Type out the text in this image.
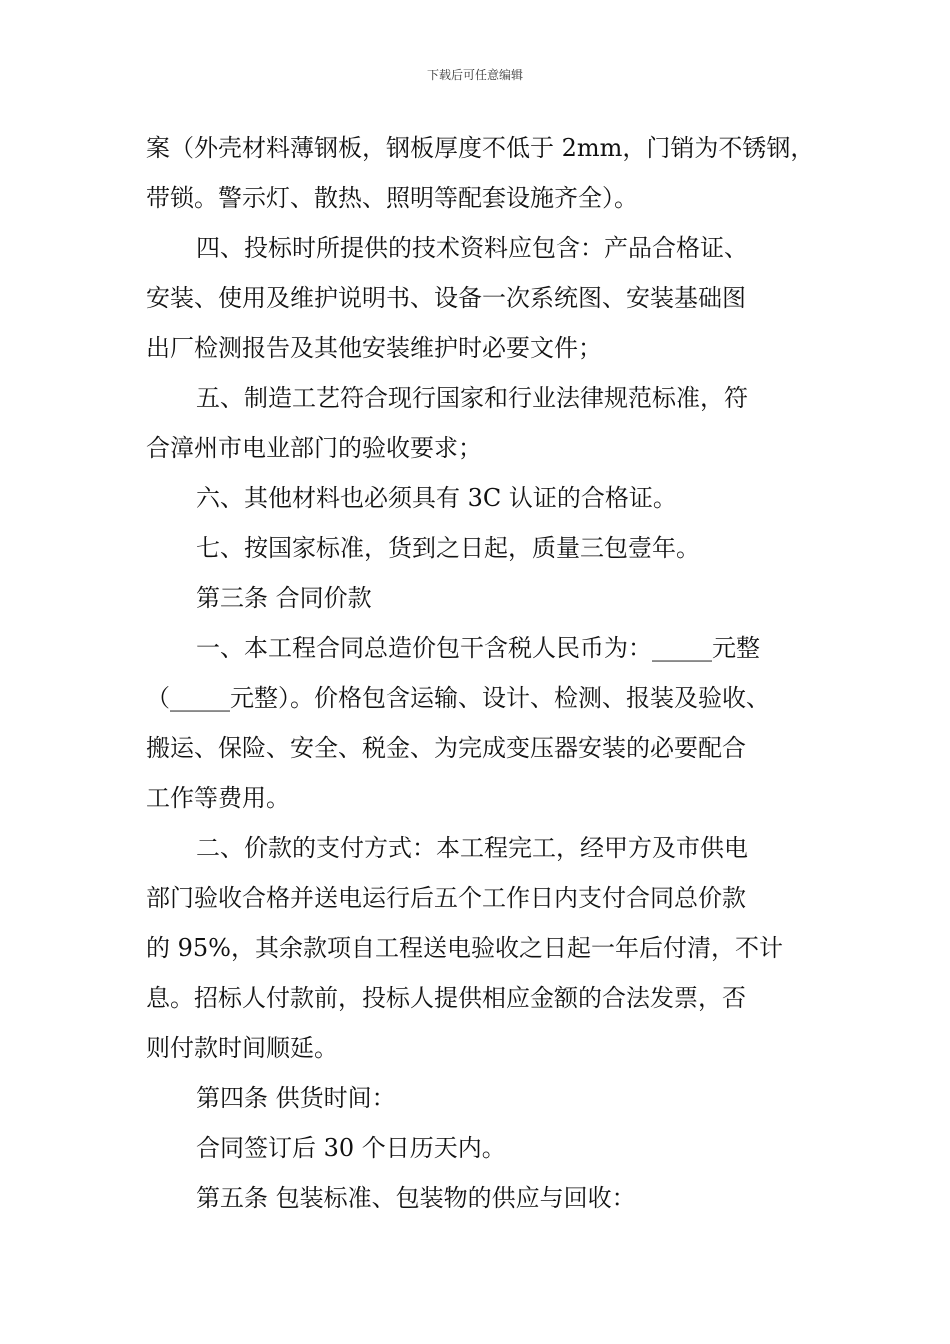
下载后可任意编辑
案（外壳材料薄钢板，钢板厚度不低于 2mm，门销为不锈钢，
带锁。警示灯、散热、照明等配套设施齐全）。
四、投标时所提供的技术资料应包含：产品合格证、
安装、使用及维护说明书、设备一次系统图、安装基础图
出厂检测报告及其他安装维护时必要文件；
五、制造工艺符合现行国家和行业法律规范标准，符
合漳州市电业部门的验收要求；
六、其他材料也必须具有 3C 认证的合格证。
七、按国家标准，货到之日起，质量三包壹年。
第三条 合同价款
一、本工程合同总造价包干含税人民币为：_____元整
（_____元整）。价格包含运输、设计、检测、报装及验收、
搬运、保险、安全、税金、为完成变压器安装的必要配合
工作等费用。
二、价款的支付方式：本工程完工，经甲方及市供电
部门验收合格并送电运行后五个工作日内支付合同总价款
的 95%，其余款项自工程送电验收之日起一年后付清，不计
息。招标人付款前，投标人提供相应金额的合法发票，否
则付款时间顺延。
第四条 供货时间：
合同签订后 30 个日历天内。
第五条 包装标准、包装物的供应与回收：
